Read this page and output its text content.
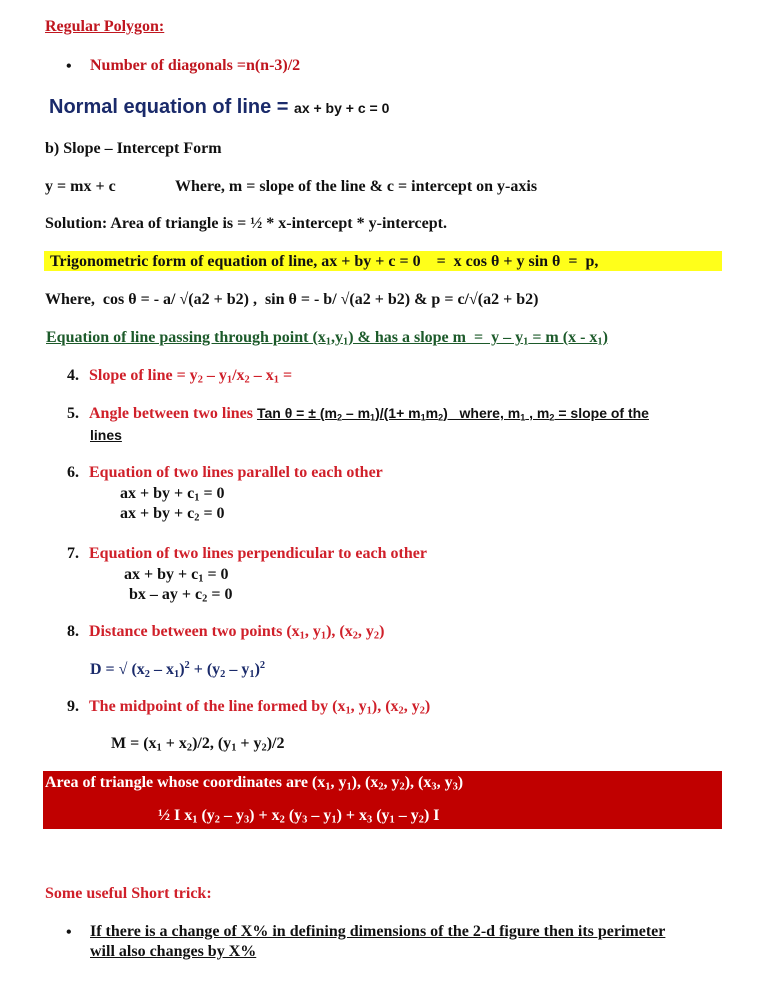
Regular Polygon:
• Number of diagonals =n(n-3)/2
Normal equation of line = ax + by + c = 0
b) Slope – Intercept Form
y = mx + c	Where, m = slope of the line & c = intercept on y-axis
Solution: Area of triangle is = ½ * x-intercept * y-intercept.
Trigonometric form of equation of line, ax + by + c = 0    =  x cos θ + y sin θ  =  p,
Where,  cos θ = - a/ √(a2 + b2) ,  sin θ = - b/ √(a2 + b2) & p = c/√(a2 + b2)
Equation of line passing through point $(x_1,y_1)$ & has a slope $m = y - y_1 = m$ $(x - x_1)$
4. Slope of line = $y_2 - y_1/x_2 - x_1$ =
5. Angle between two lines Tan θ = ± $(m_2 - m_1)/(1+ m_1m_2)$   where, $m_1$ , $m_2$ = slope of the
lines
6. Equation of two lines parallel to each other
ax + by + $c_1 = 0$
ax + by + $c_2 = 0$
7. Equation of two lines perpendicular to each other
ax + by + $c_1 = 0$
bx – ay + $c_2 = 0$
8. Distance between two points ($x_1$, $y_1$), ($x_2$, $y_2$)
D = √ $(x_2 - x_1)^2 + (y_2 - y_1)^2$
9. The midpoint of the line formed by ($x_1$, $y_1$), ($x_2$, $y_2$)
$M = (x_1 + x_2)/2$, $(y_1 + y_2)/2$
Area of triangle whose coordinates are ($x_1$, $y_1$), ($x_2$, $y_2$), ($x_3$, $y_3$)
½ I $x_1$ $(y_2 - y_3) + x_2$ $(y_3 - y_1) + x_3$ $(y_1 - y_2)$ I
Some useful Short trick:
• If there is a change of X% in defining dimensions of the 2-d figure then its perimeter
will also changes by X%
